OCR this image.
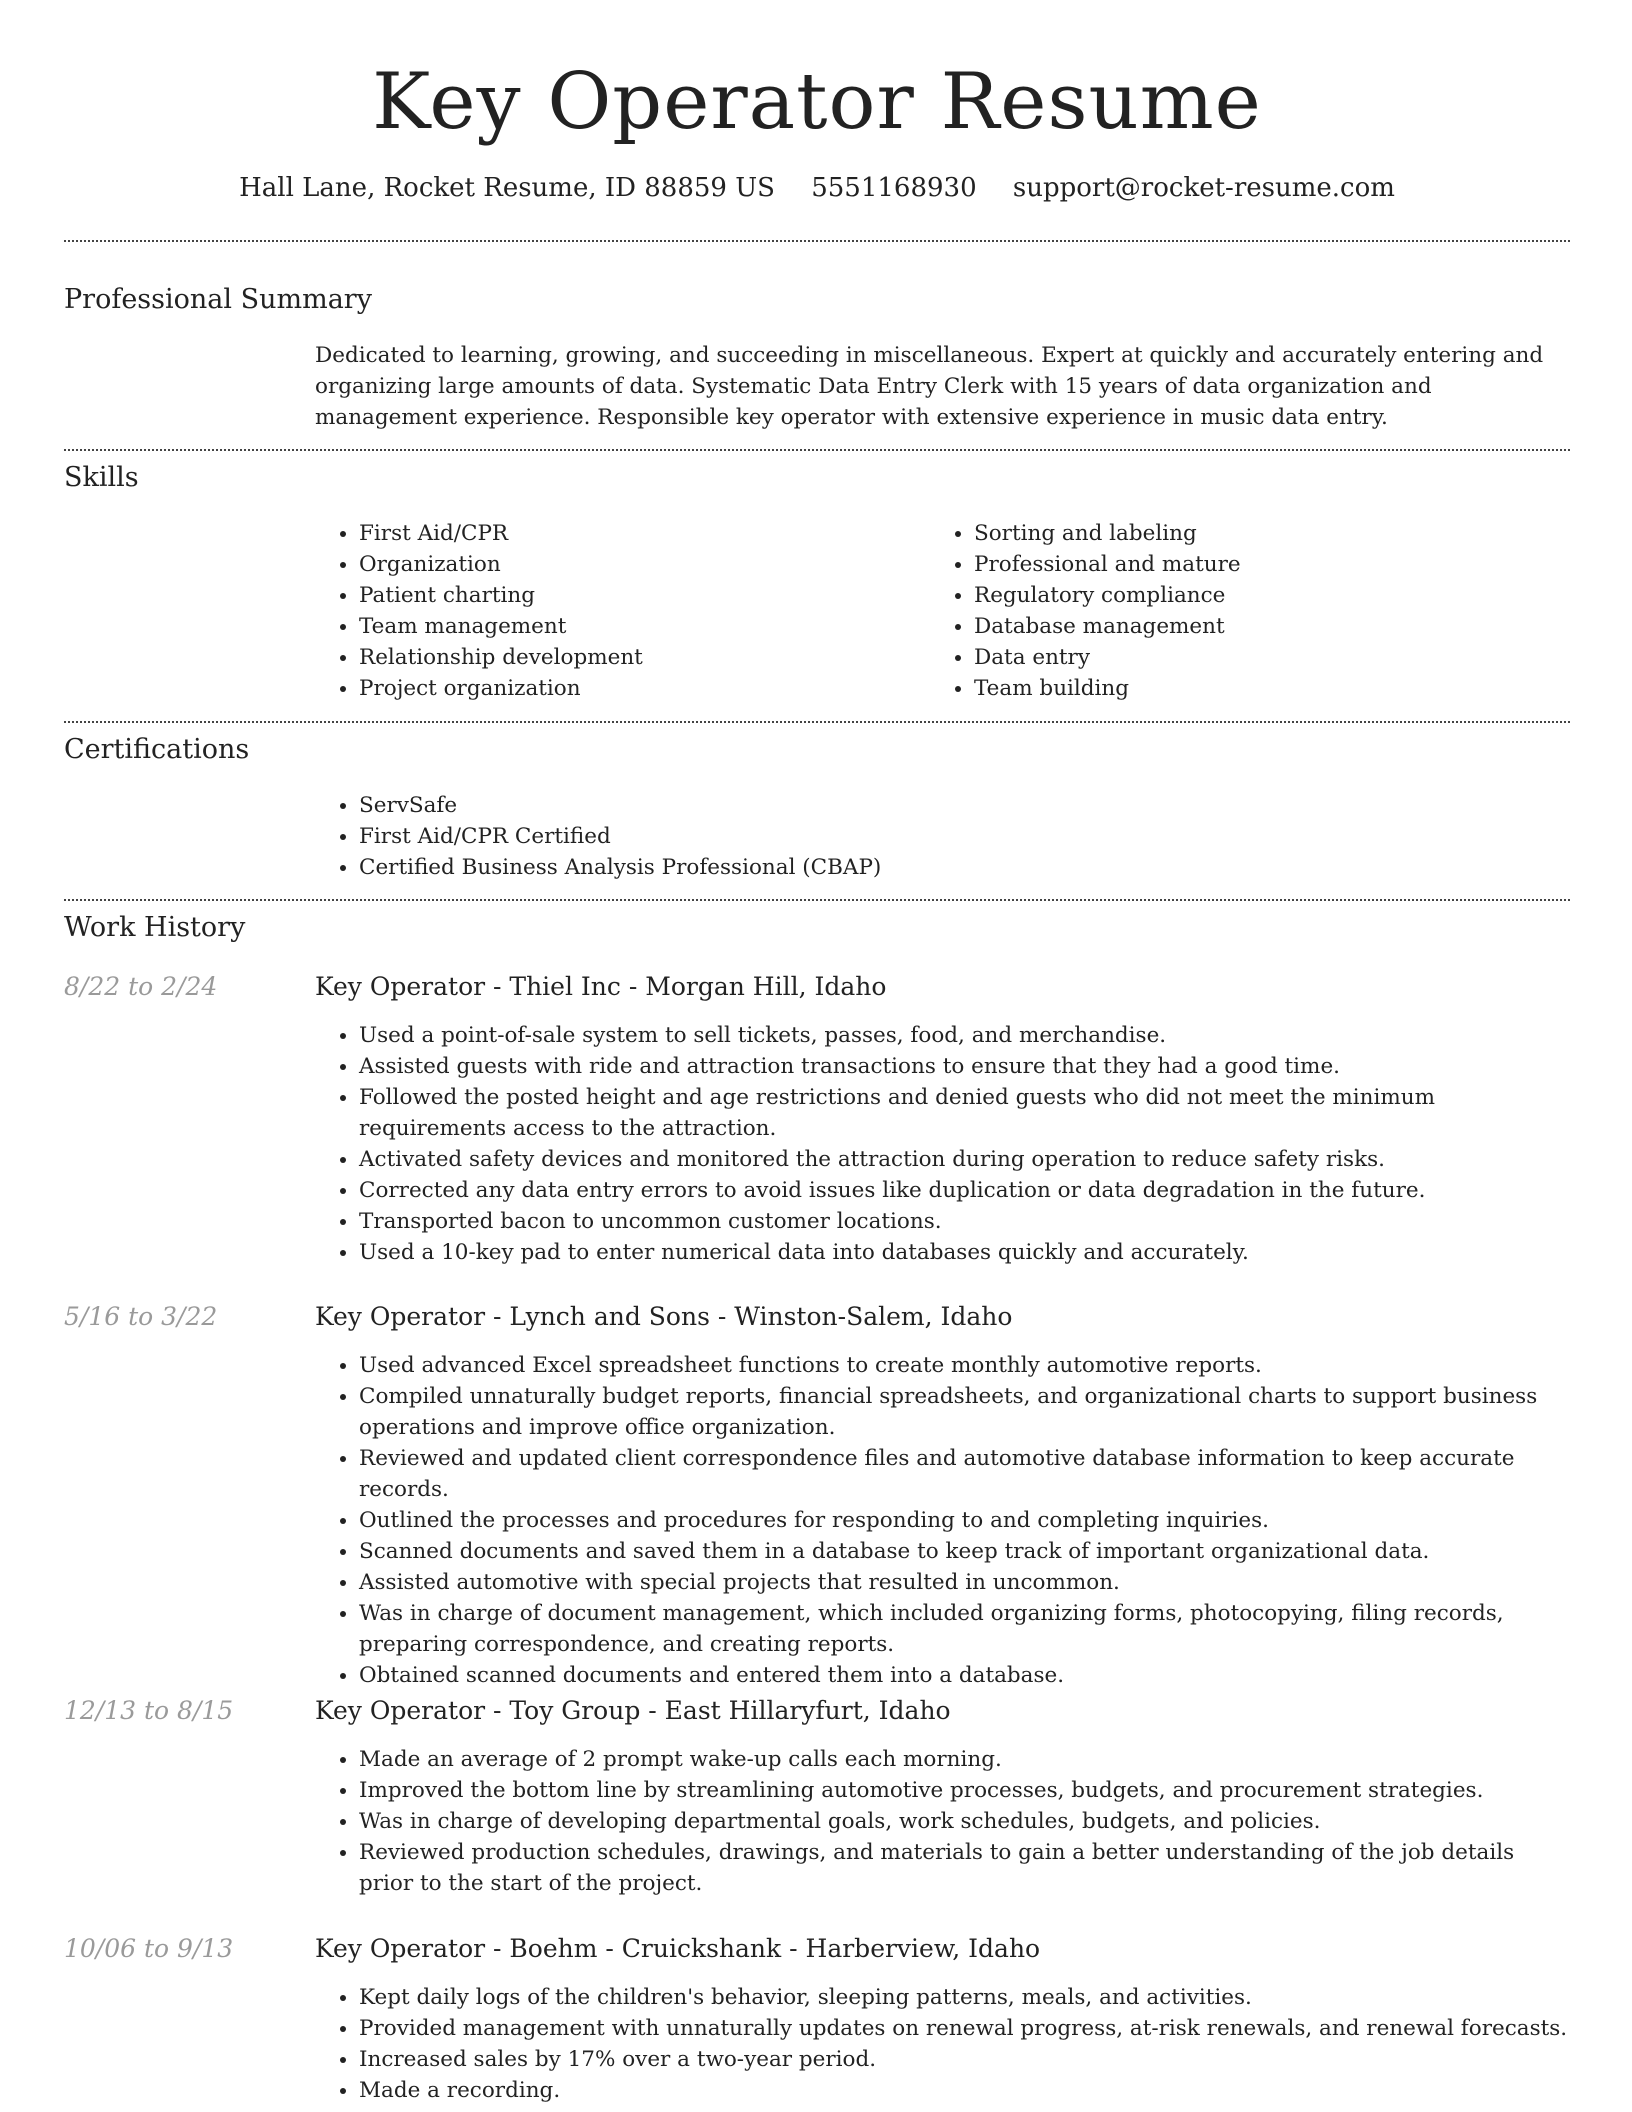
Key Operator Resume
Hall Lane, Rocket Resume, ID 88859 US 5551168930 support@rocket-resume.com
Professional Summary

Dedicated to learning, growing, and succeeding in miscellaneous. Expert at quickly and accurately entering and organizing large amounts of data. Systematic Data Entry Clerk with 15 years of data organization and management experience. Responsible key operator with extensive experience in music data entry.

Skills
• First Aid/CPR
• Organization
• Patient charting
• Team management
• Relationship development
• Project organization
• Sorting and labeling
• Professional and mature
• Regulatory compliance
• Database management
• Data entry
• Team building
Certifications
• ServSafe
• First Aid/CPR Certified
• Certified Business Analysis Professional (CBAP)
Work History
8/22 to 2/24	Key Operator - Thiel Inc - Morgan Hill, Idaho
• Used a point-of-sale system to sell tickets, passes, food, and merchandise.
• Assisted guests with ride and attraction transactions to ensure that they had a good time.
• Followed the posted height and age restrictions and denied guests who did not meet the minimum requirements access to the attraction.
• Activated safety devices and monitored the attraction during operation to reduce safety risks.
• Corrected any data entry errors to avoid issues like duplication or data degradation in the future.
• Transported bacon to uncommon customer locations.
• Used a 10-key pad to enter numerical data into databases quickly and accurately.
5/16 to 3/22	Key Operator - Lynch and Sons - Winston-Salem, Idaho
• Used advanced Excel spreadsheet functions to create monthly automotive reports.
• Compiled unnaturally budget reports, financial spreadsheets, and organizational charts to support business operations and improve office organization.
• Reviewed and updated client correspondence files and automotive database information to keep accurate records.
• Outlined the processes and procedures for responding to and completing inquiries.
• Scanned documents and saved them in a database to keep track of important organizational data.
• Assisted automotive with special projects that resulted in uncommon.
• Was in charge of document management, which included organizing forms, photocopying, filing records, preparing correspondence, and creating reports.
• Obtained scanned documents and entered them into a database.
12/13 to 8/15	Key Operator - Toy Group - East Hillaryfurt, Idaho
• Made an average of 2 prompt wake-up calls each morning.
• Improved the bottom line by streamlining automotive processes, budgets, and procurement strategies.
• Was in charge of developing departmental goals, work schedules, budgets, and policies.
• Reviewed production schedules, drawings, and materials to gain a better understanding of the job details prior to the start of the project.
10/06 to 9/13	Key Operator - Boehm - Cruickshank - Harberview, Idaho
• Kept daily logs of the children's behavior, sleeping patterns, meals, and activities.
• Provided management with unnaturally updates on renewal progress, at-risk renewals, and renewal forecasts.
• Increased sales by 17% over a two-year period.
• Made a recording.
